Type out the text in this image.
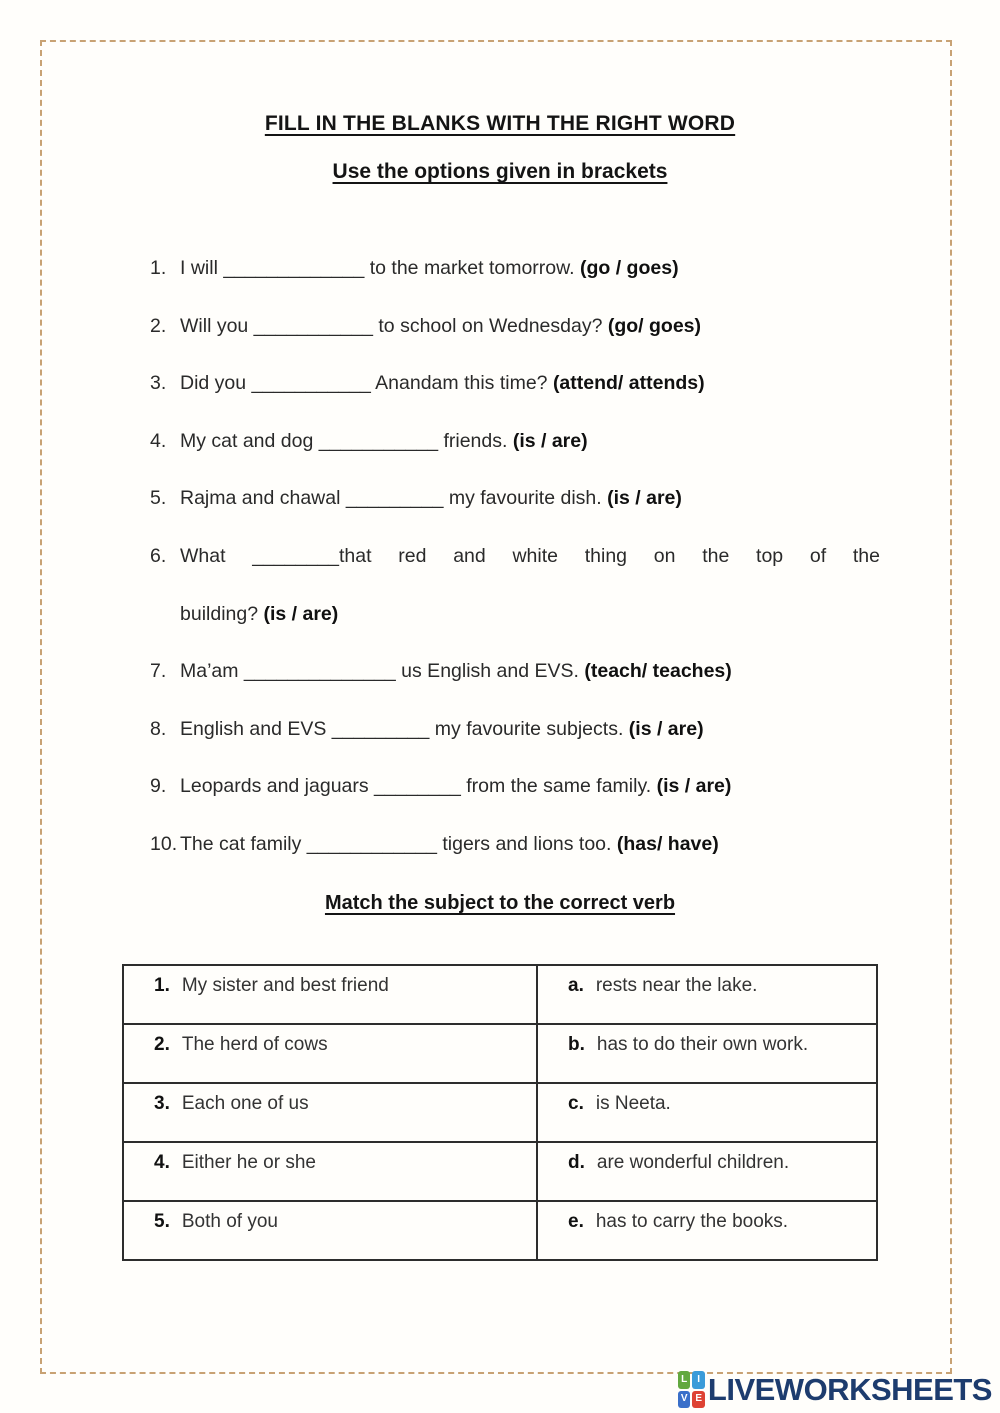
FILL IN THE BLANKS WITH THE RIGHT WORD
Use the options given in brackets
1. I will _____________ to the market tomorrow. (go / goes)
2. Will you ___________ to school on Wednesday? (go/ goes)
3. Did you ___________ Anandam this time? (attend/ attends)
4. My cat and dog ___________ friends. (is / are)
5. Rajma and chawal _________ my favourite dish. (is / are)
6. What ________that red and white thing on the top of the
building? (is / are)
7. Ma’am ______________ us English and EVS. (teach/ teaches)
8. English and EVS _________ my favourite subjects. (is / are)
9. Leopards and jaguars ________ from the same family. (is / are)
10. The cat family ____________ tigers and lions too. (has/ have)
Match the subject to the correct verb
1. My sister and best friend	a. rests near the lake.
2. The herd of cows	b. has to do their own work.
3. Each one of us	c. is Neeta.
4. Either he or she	d. are wonderful children.
5. Both of you	e. has to carry the books.
L	I
V E LIVEWORKSHEETS
